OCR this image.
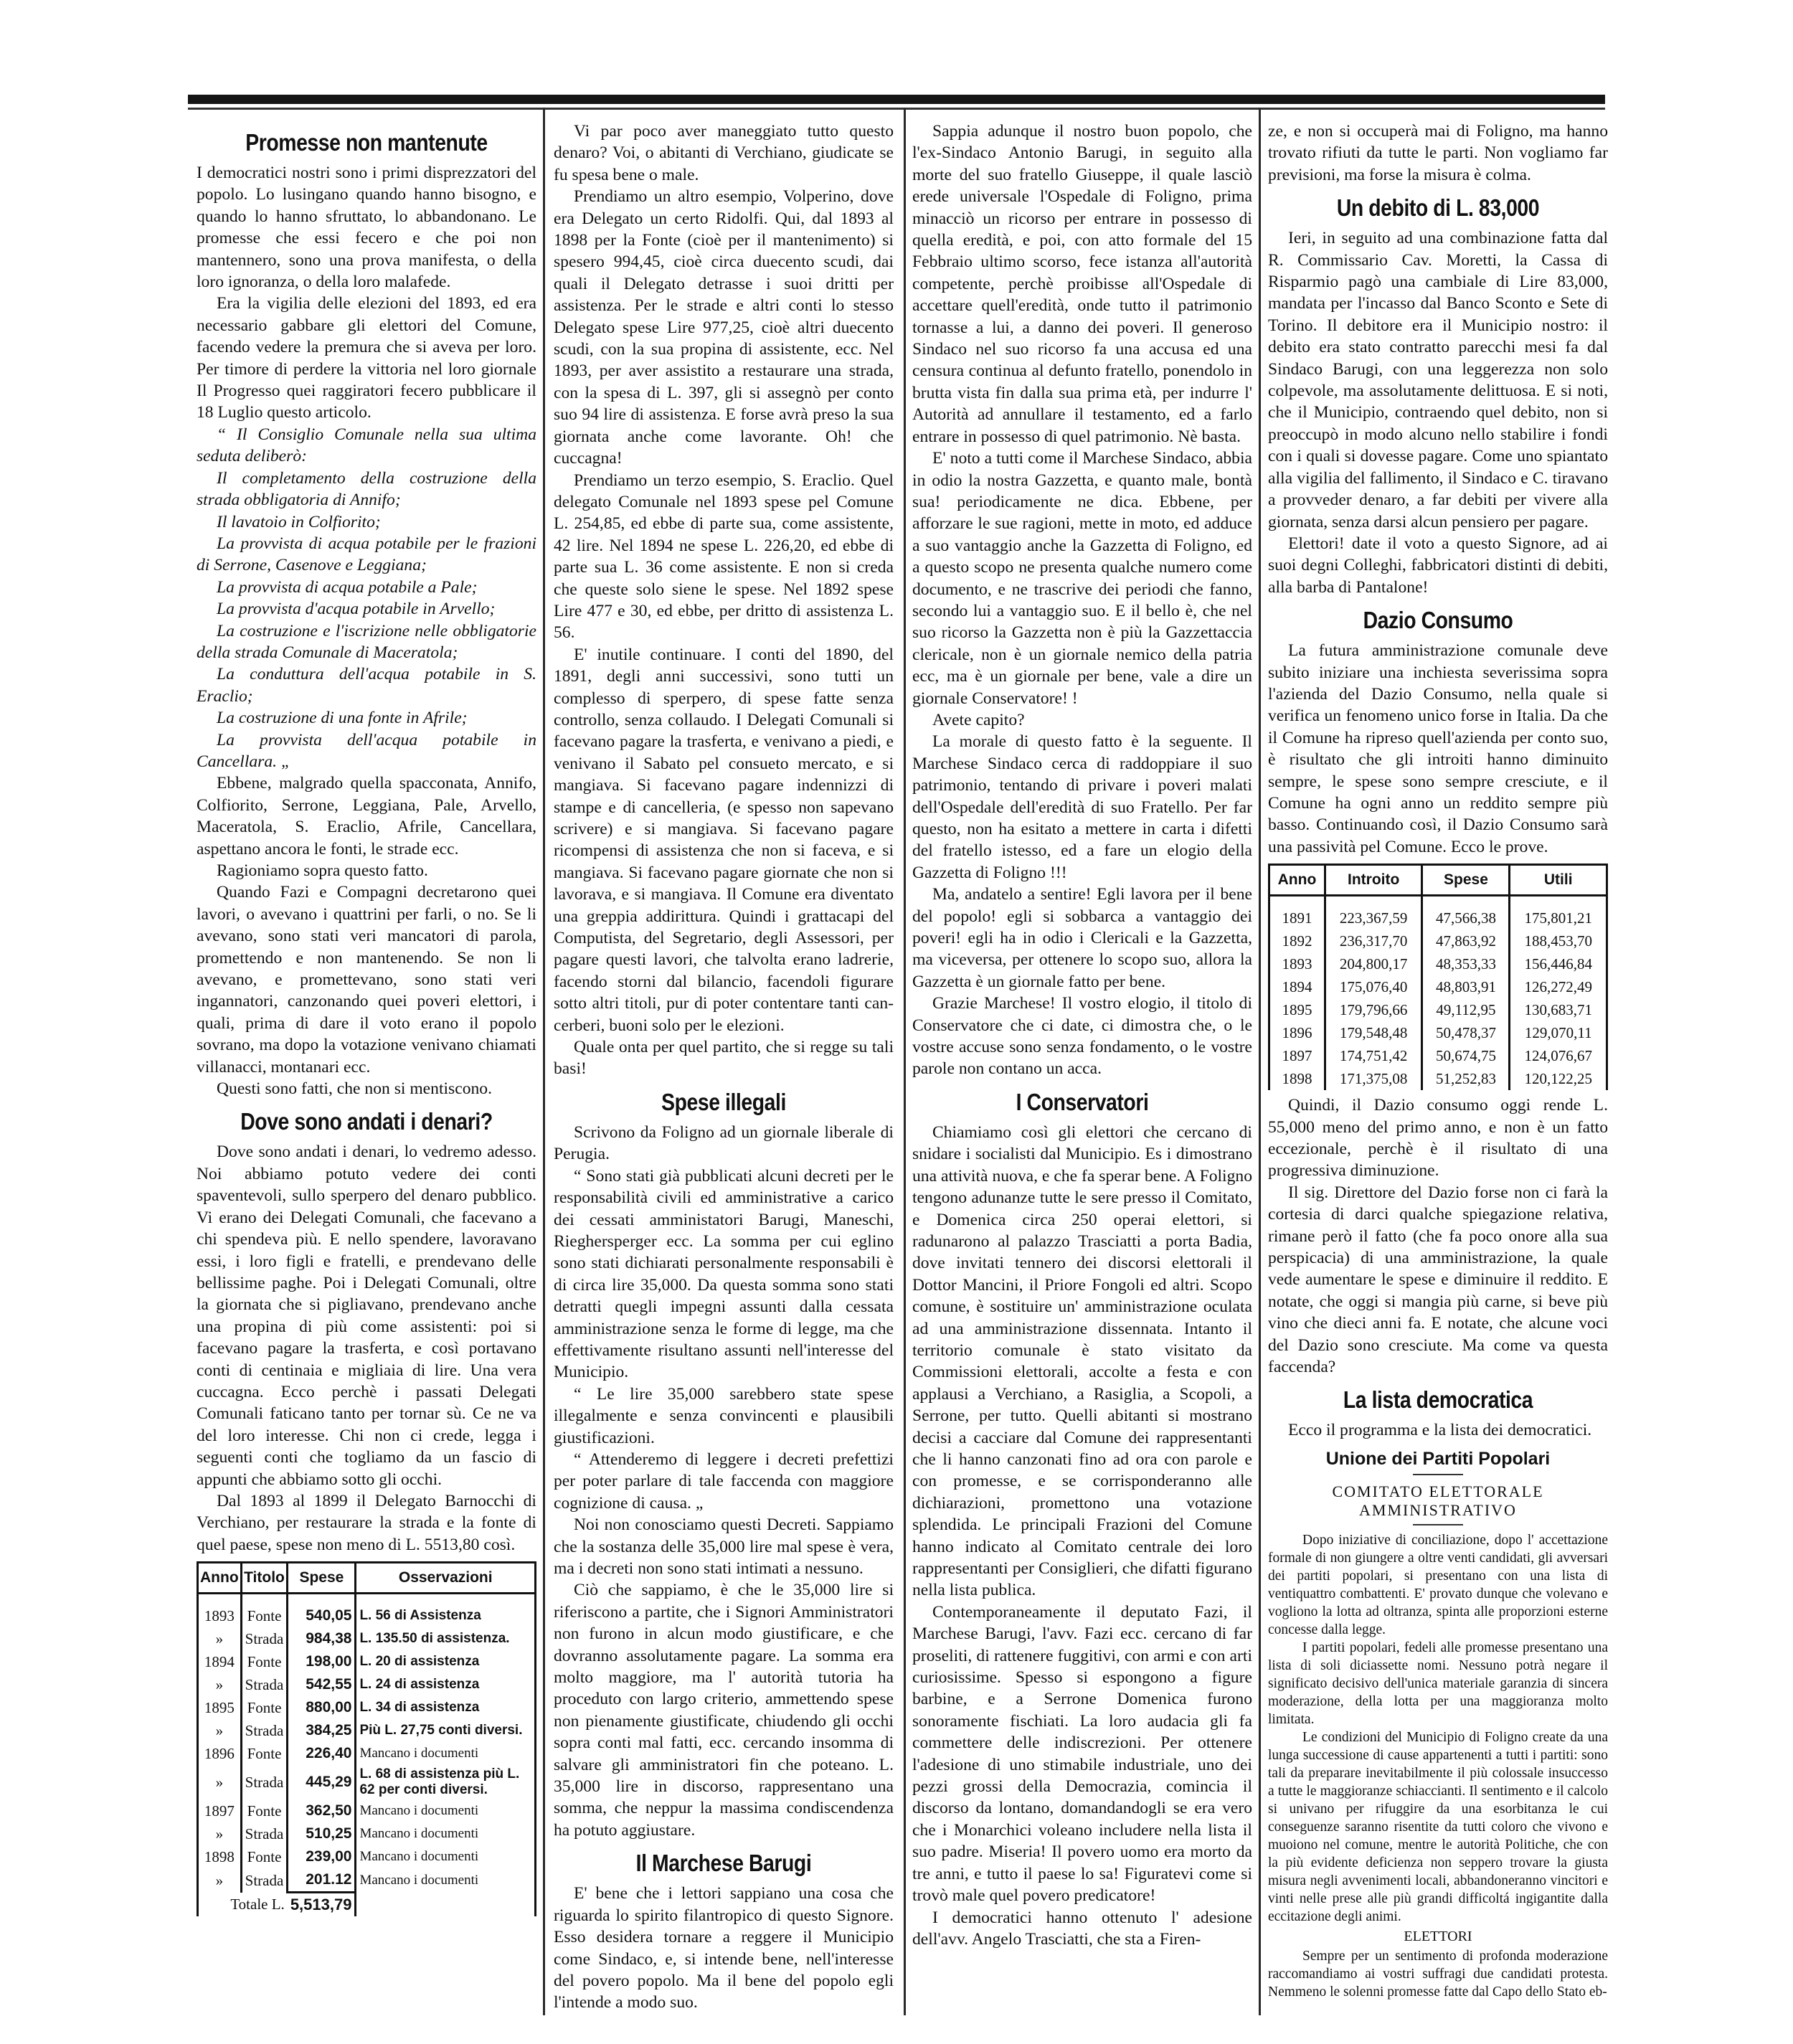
Promesse non mantenute

I democratici nostri sono i primi disprezzatori del popolo. Lo lusingano quando hanno bisogno, e quando lo hanno sfruttato, lo abbandonano. Le promesse che essi fecero e che poi non mantennero, sono una prova manifesta, o della loro ignoranza, o della loro malafede.

Era la vigilia delle elezioni del 1893, ed era necessario gabbare gli elettori del Comune, facendo vedere la premura che si aveva per loro. Per timore di perdere la vittoria nel loro giornale Il Progresso quei raggiratori fecero pubblicare il 18 Luglio questo articolo.

“ Il Consiglio Comunale nella sua ultima seduta deliberò:

Il completamento della costruzione della strada obbligatoria di Annifo;

Il lavatoio in Colfiorito;

La provvista di acqua potabile per le frazioni di Serrone, Casenove e Leggiana;

La provvista di acqua potabile a Pale;

La provvista d'acqua potabile in Arvello;

La costruzione e l'iscrizione nelle obbligatorie della strada Comunale di Maceratola;

La conduttura dell'acqua potabile in S. Eraclio;

La costruzione di una fonte in Afrile;

La provvista dell'acqua potabile in Cancellara. „

Ebbene, malgrado quella spacconata, Annifo, Colfiorito, Serrone, Leggiana, Pale, Arvello, Maceratola, S. Eraclio, Afrile, Cancellara, aspettano ancora le fonti, le strade ecc.

Ragioniamo sopra questo fatto.

Quando Fazi e Compagni decretarono quei lavori, o avevano i quattrini per farli, o no. Se li avevano, sono stati veri mancatori di parola, promettendo e non mantenendo. Se non li avevano, e promettevano, sono stati veri ingannatori, canzonando quei poveri elettori, i quali, prima di dare il voto erano il popolo sovrano, ma dopo la votazione venivano chiamati villanacci, montanari ecc.

Questi sono fatti, che non si mentiscono.

Dove sono andati i denari?

Dove sono andati i denari, lo vedremo adesso. Noi abbiamo potuto vedere dei conti spaventevoli, sullo sperpero del denaro pubblico. Vi erano dei Delegati Comunali, che facevano a chi spendeva più. E nello spendere, lavoravano essi, i loro figli e fratelli, e prendevano delle bellissime paghe. Poi i Delegati Comunali, oltre la giornata che si pigliavano, prendevano anche una propina di più come assistenti: poi si facevano pagare la trasferta, e così portavano conti di centinaia e migliaia di lire. Una vera cuccagna. Ecco perchè i passati Delegati Comunali faticano tanto per tornar sù. Ce ne va del loro interesse. Chi non ci crede, legga i seguenti conti che togliamo da un fascio di appunti che abbiamo sotto gli occhi.

Dal 1893 al 1899 il Delegato Barnocchi di Verchiano, per restaurare la strada e la fonte di quel paese, spese non meno di L. 5513,80 così.

Anno	Titolo	Spese	Osservazioni
1893	Fonte	540,05	L. 56 di Assistenza
»	Strada	984,38	L. 135.50 di assistenza.
1894	Fonte	198,00	L. 20 di assistenza
»	Strada	542,55	L. 24 di assistenza
1895	Fonte	880,00	L. 34 di assistenza
»	Strada	384,25	Più L. 27,75 conti diversi.
1896	Fonte	226,40	Mancano i documenti
»	Strada	445,29	L. 68 di assistenza più L. 62 per conti diversi.
1897	Fonte	362,50	Mancano i documenti
»	Strada	510,25	Mancano i documenti
1898	Fonte	239,00	Mancano i documenti
»	Strada	201.12	Mancano i documenti
Totale L.		5,513,79	

Vi par poco aver maneggiato tutto questo denaro? Voi, o abitanti di Verchiano, giudicate se fu spesa bene o male.

Prendiamo un altro esempio, Volperino, dove era Delegato un certo Ridolfi. Qui, dal 1893 al 1898 per la Fonte (cioè per il mantenimento) si spesero 994,45, cioè circa duecento scudi, dai quali il Delegato detrasse i suoi dritti per assistenza. Per le strade e altri conti lo stesso Delegato spese Lire 977,25, cioè altri duecento scudi, con la sua propina di assistente, ecc. Nel 1893, per aver assistito a restaurare una strada, con la spesa di L. 397, gli si assegnò per conto suo 94 lire di assistenza. E forse avrà preso la sua giornata anche come lavorante. Oh! che cuccagna!

Prendiamo un terzo esempio, S. Eraclio. Quel delegato Comunale nel 1893 spese pel Comune L. 254,85, ed ebbe di parte sua, come assistente, 42 lire. Nel 1894 ne spese L. 226,20, ed ebbe di parte sua L. 36 come assistente. E non si creda che queste solo siene le spese. Nel 1892 spese Lire 477 e 30, ed ebbe, per dritto di assistenza L. 56.

E' inutile continuare. I conti del 1890, del 1891, degli anni successivi, sono tutti un complesso di sperpero, di spese fatte senza controllo, senza collaudo. I Delegati Comunali si facevano pagare la trasferta, e venivano a piedi, e venivano il Sabato pel consueto mercato, e si mangiava. Si facevano pagare indennizzi di stampe e di cancelleria, (e spesso non sapevano scrivere) e si mangiava. Si facevano pagare ricompensi di assistenza che non si faceva, e si mangiava. Si facevano pagare giornate che non si lavorava, e si mangiava. Il Comune era diventato una greppia addirittura. Quindi i grattacapi del Computista, del Segretario, degli Assessori, per pagare questi lavori, che talvolta erano ladrerie, facendo storni dal bilancio, facendoli figurare sotto altri titoli, pur di poter contentare tanti can-cerberi, buoni solo per le elezioni.

Quale onta per quel partito, che si regge su tali basi!

Spese illegali

Scrivono da Foligno ad un giornale liberale di Perugia.

“ Sono stati già pubblicati alcuni decreti per le responsabilità civili ed amministrative a carico dei cessati amministatori Barugi, Maneschi, Rieghersperger ecc. La somma per cui eglino sono stati dichiarati personalmente responsabili è di circa lire 35,000. Da questa somma sono stati detratti quegli impegni assunti dalla cessata amministrazione senza le forme di legge, ma che effettivamente risultano assunti nell'interesse del Municipio.

“ Le lire 35,000 sarebbero state spese illegalmente e senza convincenti e plausibili giustificazioni.

“ Attenderemo di leggere i decreti prefettizi per poter parlare di tale faccenda con maggiore cognizione di causa. „

Noi non conosciamo questi Decreti. Sappiamo che la sostanza delle 35,000 lire mal spese è vera, ma i decreti non sono stati intimati a nessuno.

Ciò che sappiamo, è che le 35,000 lire si riferiscono a partite, che i Signori Amministratori non furono in alcun modo giustificare, e che dovranno assolutamente pagare. La somma era molto maggiore, ma l' autorità tutoria ha proceduto con largo criterio, ammettendo spese non pienamente giustificate, chiudendo gli occhi sopra conti mal fatti, ecc. cercando insomma di salvare gli amministratori fin che poteano. L. 35,000 lire in discorso, rappresentano una somma, che neppur la massima condiscendenza ha potuto aggiustare.

Il Marchese Barugi

E' bene che i lettori sappiano una cosa che riguarda lo spirito filantropico di questo Signore. Esso desidera tornare a reggere il Municipio come Sindaco, e, si intende bene, nell'interesse del povero popolo. Ma il bene del popolo egli l'intende a modo suo.

Sappia adunque il nostro buon popolo, che l'ex-Sindaco Antonio Barugi, in seguito alla morte del suo fratello Giuseppe, il quale lasciò erede universale l'Ospedale di Foligno, prima minacciò un ricorso per entrare in possesso di quella eredità, e poi, con atto formale del 15 Febbraio ultimo scorso, fece istanza all'autorità competente, perchè proibisse all'Ospedale di accettare quell'eredità, onde tutto il patrimonio tornasse a lui, a danno dei poveri. Il generoso Sindaco nel suo ricorso fa una accusa ed una censura continua al defunto fratello, ponendolo in brutta vista fin dalla sua prima età, per indurre l' Autorità ad annullare il testamento, ed a farlo entrare in possesso di quel patrimonio. Nè basta.

E' noto a tutti come il Marchese Sindaco, abbia in odio la nostra Gazzetta, e quanto male, bontà sua! periodicamente ne dica. Ebbene, per afforzare le sue ragioni, mette in moto, ed adduce a suo vantaggio anche la Gazzetta di Foligno, ed a questo scopo ne presenta qualche numero come documento, e ne trascrive dei periodi che fanno, secondo lui a vantaggio suo. E il bello è, che nel suo ricorso la Gazzetta non è più la Gazzettaccia clericale, non è un giornale nemico della patria ecc, ma è un giornale per bene, vale a dire un giornale Conservatore! !

Avete capito?

La morale di questo fatto è la seguente. Il Marchese Sindaco cerca di raddoppiare il suo patrimonio, tentando di privare i poveri malati dell'Ospedale dell'eredità di suo Fratello. Per far questo, non ha esitato a mettere in carta i difetti del fratello istesso, ed a fare un elogio della Gazzetta di Foligno !!!

Ma, andatelo a sentire! Egli lavora per il bene del popolo! egli si sobbarca a vantaggio dei poveri! egli ha in odio i Clericali e la Gazzetta, ma viceversa, per ottenere lo scopo suo, allora la Gazzetta è un giornale fatto per bene.

Grazie Marchese! Il vostro elogio, il titolo di Conservatore che ci date, ci dimostra che, o le vostre accuse sono senza fondamento, o le vostre parole non contano un acca.

I Conservatori

Chiamiamo così gli elettori che cercano di snidare i socialisti dal Municipio. Es i dimostrano una attività nuova, e che fa sperar bene. A Foligno tengono adunanze tutte le sere presso il Comitato, e Domenica circa 250 operai elettori, si radunarono al palazzo Trasciatti a porta Badia, dove invitati tennero dei discorsi elettorali il Dottor Mancini, il Priore Fongoli ed altri. Scopo comune, è sostituire un' amministrazione oculata ad una amministrazione dissennata. Intanto il territorio comunale è stato visitato da Commissioni elettorali, accolte a festa e con applausi a Verchiano, a Rasiglia, a Scopoli, a Serrone, per tutto. Quelli abitanti si mostrano decisi a cacciare dal Comune dei rappresentanti che li hanno canzonati fino ad ora con parole e con promesse, e se corrisponderanno alle dichiarazioni, promettono una votazione splendida. Le principali Frazioni del Comune hanno indicato al Comitato centrale dei loro rappresentanti per Consiglieri, che difatti figurano nella lista publica.

Contemporaneamente il deputato Fazi, il Marchese Barugi, l'avv. Fazi ecc. cercano di far proseliti, di rattenere fuggitivi, con armi e con arti curiosissime. Spesso si espongono a figure barbine, e a Serrone Domenica furono sonoramente fischiati. La loro audacia gli fa commettere delle indiscrezioni. Per ottenere l'adesione di uno stimabile industriale, uno dei pezzi grossi della Democrazia, comincia il discorso da lontano, domandandogli se era vero che i Monarchici voleano includere nella lista il suo padre. Miseria! Il povero uomo era morto da tre anni, e tutto il paese lo sa! Figuratevi come si trovò male quel povero predicatore!

I democratici hanno ottenuto l' adesione dell'avv. Angelo Trasciatti, che sta a Firen-

ze, e non si occuperà mai di Foligno, ma hanno trovato rifiuti da tutte le parti. Non vogliamo far previsioni, ma forse la misura è colma.

Un debito di L. 83,000

Ieri, in seguito ad una combinazione fatta dal R. Commissario Cav. Moretti, la Cassa di Risparmio pagò una cambiale di Lire 83,000, mandata per l'incasso dal Banco Sconto e Sete di Torino. Il debitore era il Municipio nostro: il debito era stato contratto parecchi mesi fa dal Sindaco Barugi, con una leggerezza non solo colpevole, ma assolutamente delittuosa. E si noti, che il Municipio, contraendo quel debito, non si preoccupò in modo alcuno nello stabilire i fondi con i quali si dovesse pagare. Come uno spiantato alla vigilia del fallimento, il Sindaco e C. tiravano a provveder denaro, a far debiti per vivere alla giornata, senza darsi alcun pensiero per pagare.

Elettori! date il voto a questo Signore, ad ai suoi degni Colleghi, fabbricatori distinti di debiti, alla barba di Pantalone!

Dazio Consumo

La futura amministrazione comunale deve subito iniziare una inchiesta severissima sopra l'azienda del Dazio Consumo, nella quale si verifica un fenomeno unico forse in Italia. Da che il Comune ha ripreso quell'azienda per conto suo, è risultato che gli introiti hanno diminuito sempre, le spese sono sempre cresciute, e il Comune ha ogni anno un reddito sempre più basso. Continuando così, il Dazio Consumo sarà una passività pel Comune. Ecco le prove.

Anno	Introito	Spese	Utili
1891	223,367,59	47,566,38	175,801,21
1892	236,317,70	47,863,92	188,453,70
1893	204,800,17	48,353,33	156,446,84
1894	175,076,40	48,803,91	126,272,49
1895	179,796,66	49,112,95	130,683,71
1896	179,548,48	50,478,37	129,070,11
1897	174,751,42	50,674,75	124,076,67
1898	171,375,08	51,252,83	120,122,25

Quindi, il Dazio consumo oggi rende L. 55,000 meno del primo anno, e non è un fatto eccezionale, perchè è il risultato di una progressiva diminuzione.

Il sig. Direttore del Dazio forse non ci farà la cortesia di darci qualche spiegazione relativa, rimane però il fatto (che fa poco onore alla sua perspicacia) di una amministrazione, la quale vede aumentare le spese e diminuire il reddito. E notate, che oggi si mangia più carne, si beve più vino che dieci anni fa. E notate, che alcune voci del Dazio sono cresciute. Ma come va questa faccenda?

La lista democratica

Ecco il programma e la lista dei democratici.

Unione dei Partiti Popolari
COMITATO ELETTORALE AMMINISTRATIVO

Dopo iniziative di conciliazione, dopo l' accettazione formale di non giungere a oltre venti candidati, gli avversari dei partiti popolari, si presentano con una lista di ventiquattro combattenti. E' provato dunque che volevano e vogliono la lotta ad oltranza, spinta alle proporzioni esterne concesse dalla legge.

I partiti popolari, fedeli alle promesse presentano una lista di soli diciassette nomi. Nessuno potrà negare il significato decisivo dell'unica materiale garanzia di sincera moderazione, della lotta per una maggioranza molto limitata.

Le condizioni del Municipio di Foligno create da una lunga successione di cause appartenenti a tutti i partiti: sono tali da preparare inevitabilmente il più colossale insuccesso a tutte le maggioranze schiaccianti. Il sentimento e il calcolo si univano per rifuggire da una esorbitanza le cui conseguenze saranno risentite da tutti coloro che vivono e muoiono nel comune, mentre le autorità Politiche, che con la più evidente deficienza non seppero trovare la giusta misura negli avvenimenti locali, abbandoneranno vincitori e vinti nelle prese alle più grandi difficoltá ingigantite dalla eccitazione degli animi.

ELETTORI

Sempre per un sentimento di profonda moderazione raccomandiamo ai vostri suffragi due candidati protesta. Nemmeno le solenni promesse fatte dal Capo dello Stato eb-
